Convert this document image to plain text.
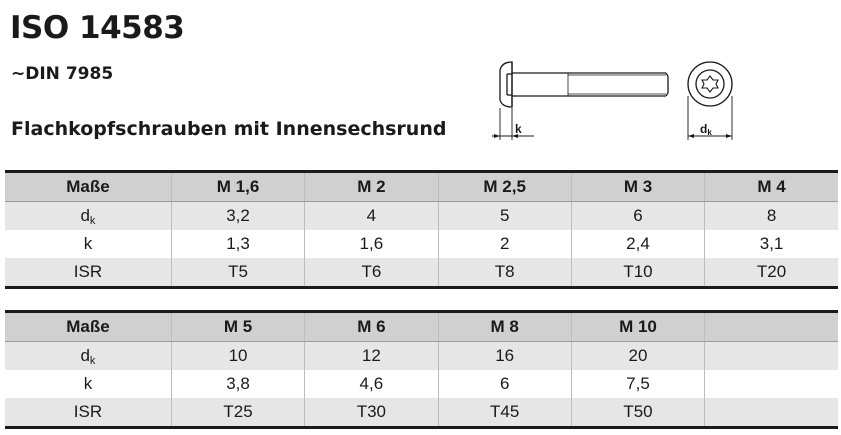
ISO 14583
~DIN 7985
Flachkopfschrauben mit Innensechsrund	k	dk
Maße	M 1,6	M 2	M 2,5	M 3	M 4
$d_k$	3,2	4	5	6	8
k	1,3	1,6	2	2,4	3,1
ISR	T5	T6	T8	T10	T20
Maße	M 5	M 6	M 8	M 10	
$d_k$	10	12	16	20	
k	3,8	4,6	6	7,5	
ISR	T25	T30	T45	T50	
